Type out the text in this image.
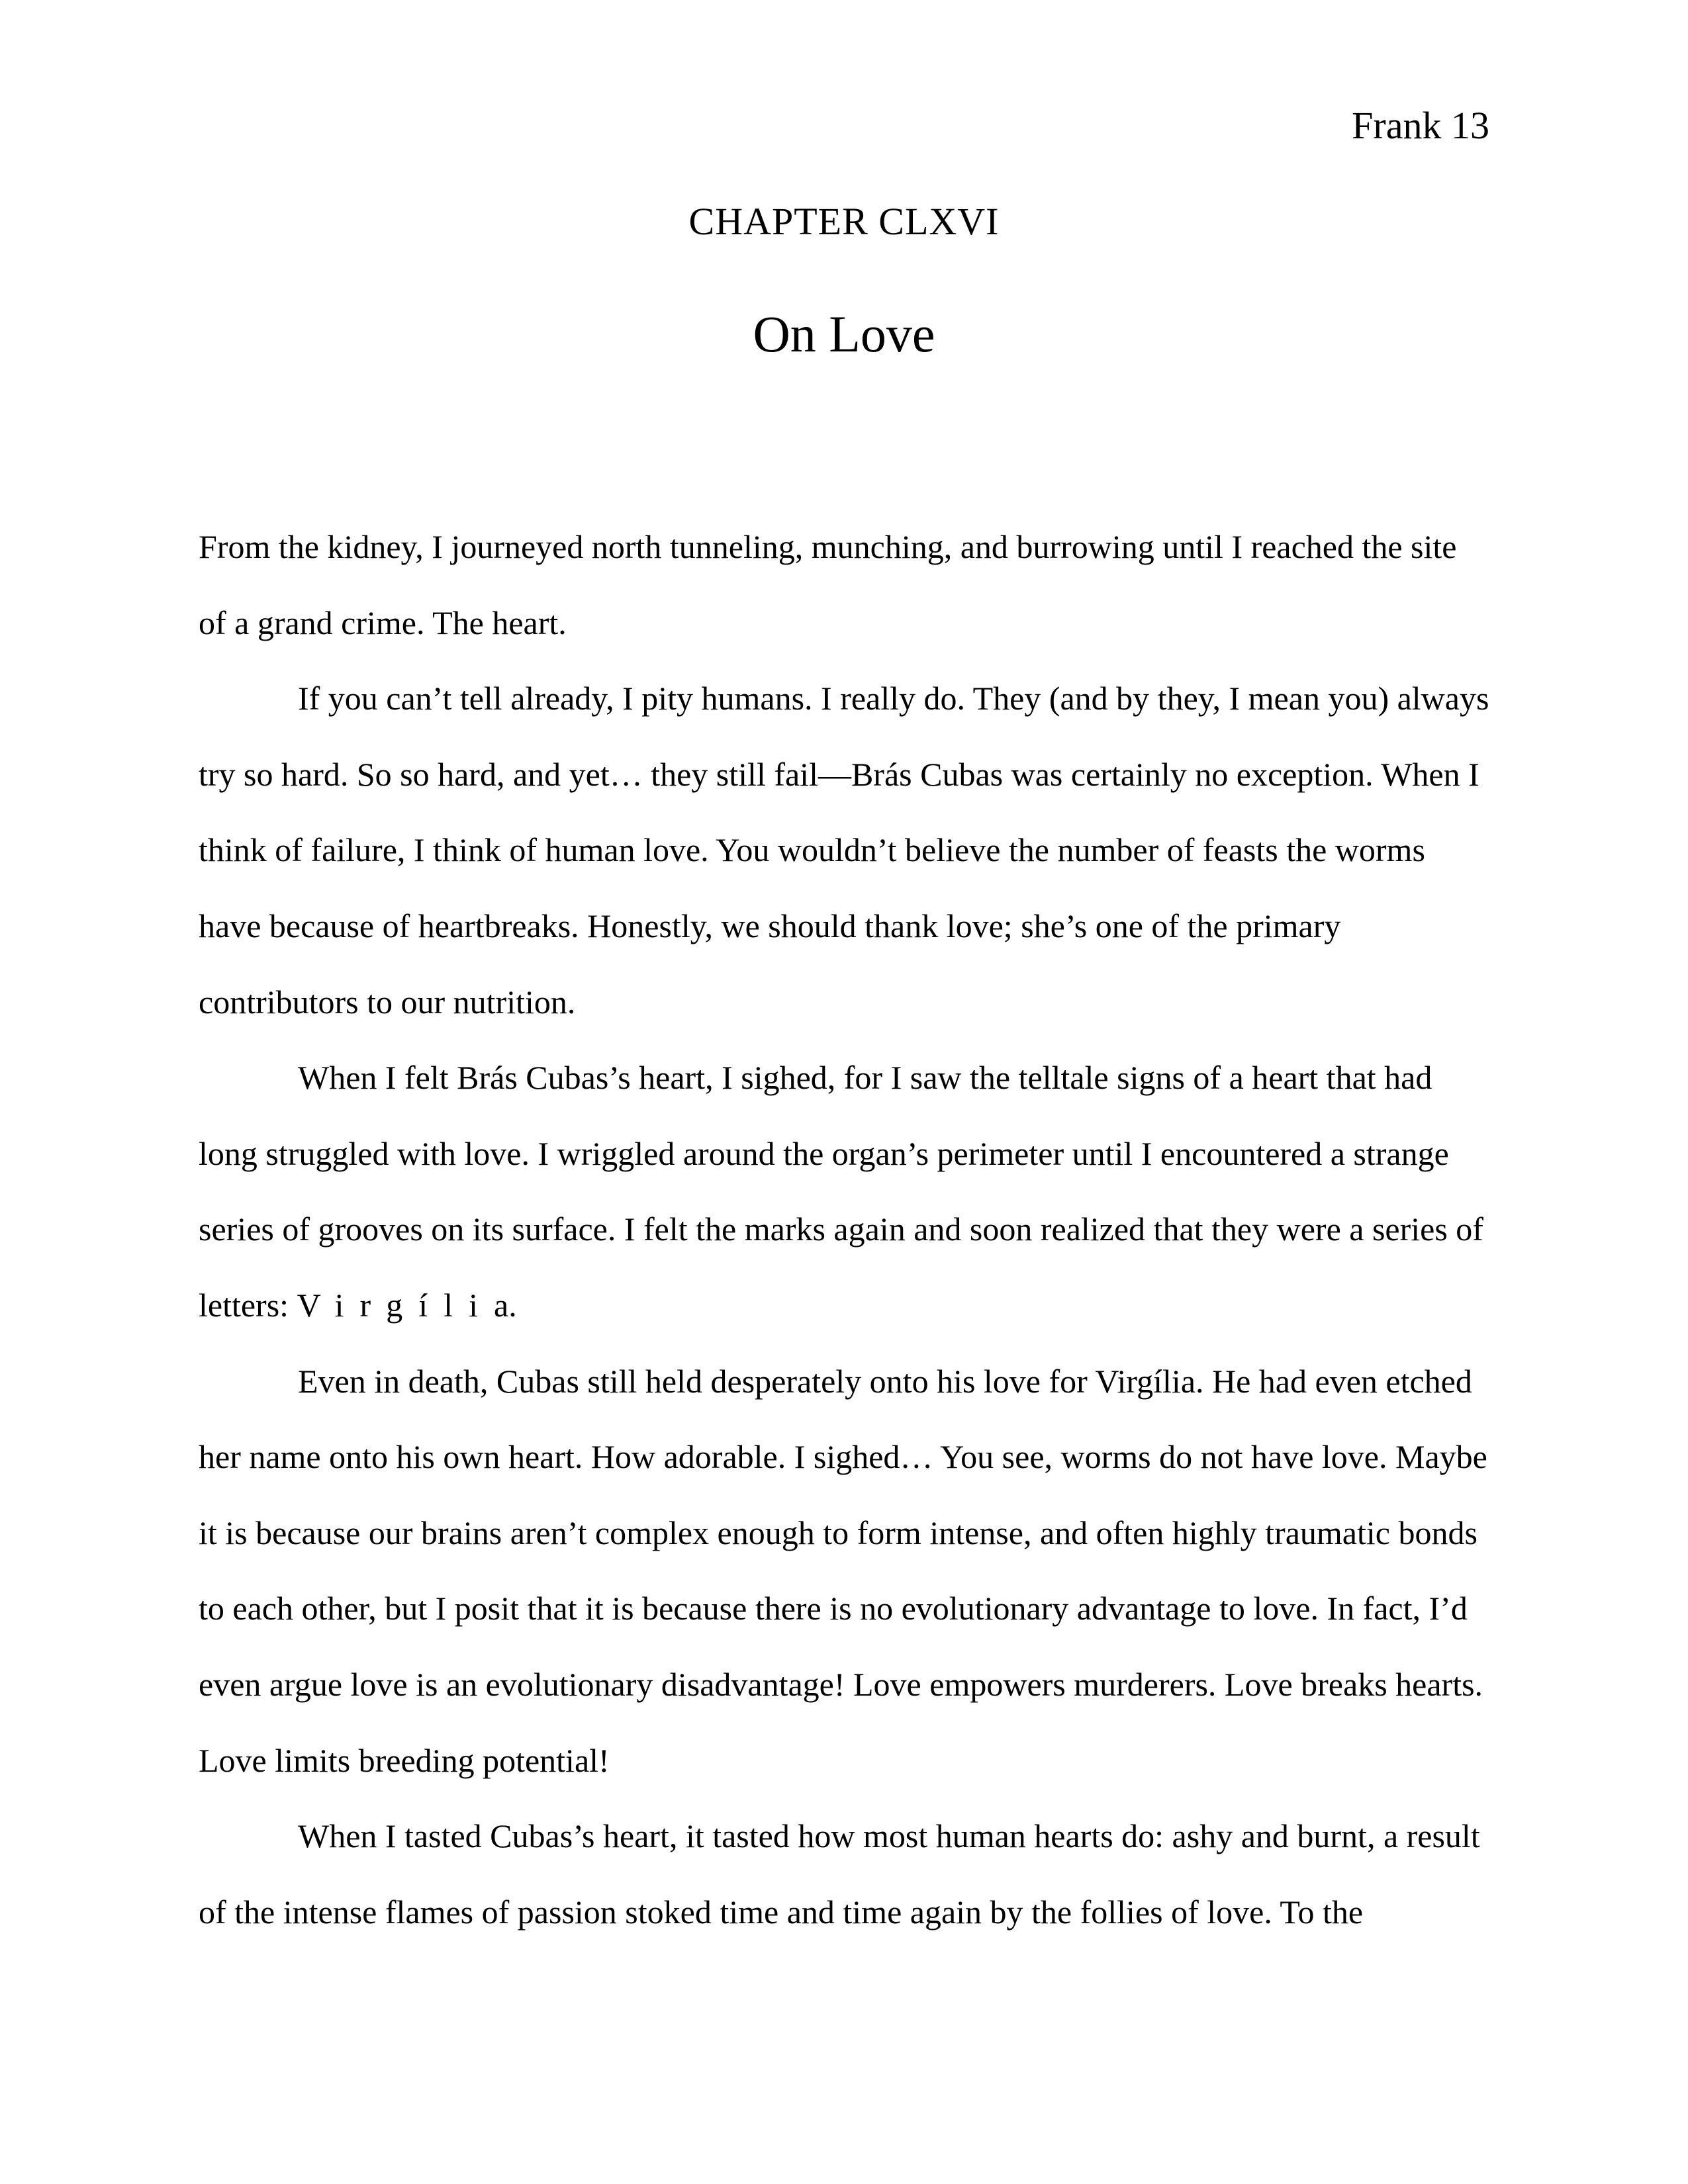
Frank 13
CHAPTER CLXVI
On Love

From the kidney, I journeyed north tunneling, munching, and burrowing until I reached the site of a grand crime. The heart.

If you can’t tell already, I pity humans. I really do. They (and by they, I mean you) always try so hard. So so hard, and yet… they still fail—Brás Cubas was certainly no exception. When I think of failure, I think of human love. You wouldn’t believe the number of feasts the worms have because of heartbreaks. Honestly, we should thank love; she’s one of the primary contributors to our nutrition.

When I felt Brás Cubas’s heart, I sighed, for I saw the telltale signs of a heart that had long struggled with love. I wriggled around the organ’s perimeter until I encountered a strange series of grooves on its surface. I felt the marks again and soon realized that they were a series of letters: Virgília.

Even in death, Cubas still held desperately onto his love for Virgília. He had even etched her name onto his own heart. How adorable. I sighed… You see, worms do not have love. Maybe it is because our brains aren’t complex enough to form intense, and often highly traumatic bonds to each other, but I posit that it is because there is no evolutionary advantage to love. In fact, I’d even argue love is an evolutionary disadvantage! Love empowers murderers. Love breaks hearts. Love limits breeding potential!

When I tasted Cubas’s heart, it tasted how most human hearts do: ashy and burnt, a result of the intense flames of passion stoked time and time again by the follies of love. To the
